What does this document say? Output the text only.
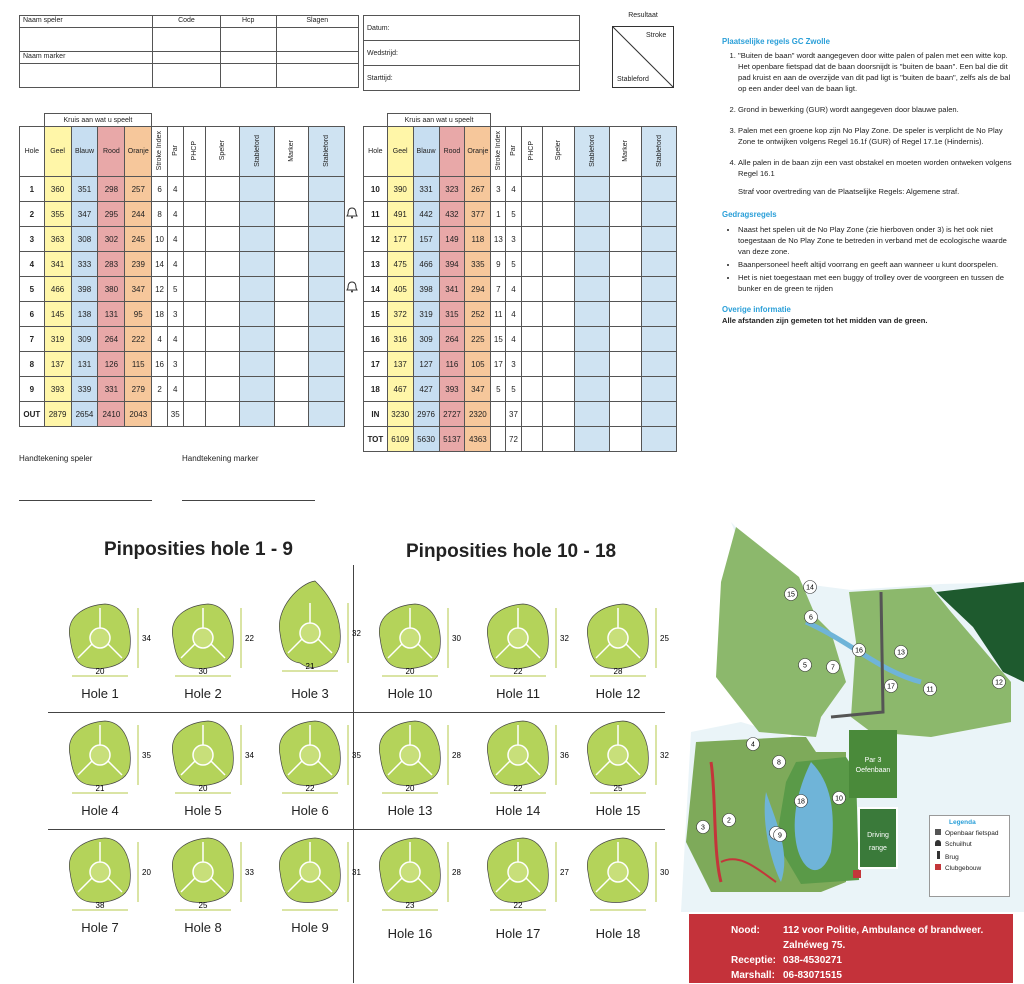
Naam speler	Code	Hcp	Slagen

Naam marker			

Datum:
Wedstrijd:
Starttijd:
Resultaat
Stroke
Stableford
	Kruis aan wat u speelt										
Hole	Geel	Blauw	Rood	Oranje	Stroke Index	Par	PHCP	Speler	Stableford	Marker	Stableford
1	360	351	298	257	6	4					
2	355	347	295	244	8	4					
3	363	308	302	245	10	4					
4	341	333	283	239	14	4					
5	466	398	380	347	12	5					
6	145	138	131	95	18	3					
7	319	309	264	222	4	4					
8	137	131	126	115	16	3					
9	393	339	331	279	2	4					
OUT	2879	2654	2410	2043		35					
	Kruis aan wat u speelt										
Hole	Geel	Blauw	Rood	Oranje	Stroke Index	Par	PHCP	Speler	Stableford	Marker	Stableford
10	390	331	323	267	3	4					
11	491	442	432	377	1	5					
12	177	157	149	118	13	3					
13	475	466	394	335	9	5					
14	405	398	341	294	7	4					
15	372	319	315	252	11	4					
16	316	309	264	225	15	4					
17	137	127	116	105	17	3					
18	467	427	393	347	5	5					
IN	3230	2976	2727	2320		37					
TOT	6109	5630	5137	4363		72					
Handtekening speler	Handtekening marker
Plaatselijke regels GC Zwolle
1. "Buiten de baan" wordt aangegeven door witte palen of palen met een witte kop. Het openbare fietspad dat de baan doorsnijdt is "buiten de baan". Een bal die dit pad kruist en aan de overzijde van dit pad ligt is "buiten de baan", zelfs als de bal op een ander deel van de baan ligt.
2. Grond in bewerking (GUR) wordt aangegeven door blauwe palen.
3. Palen met een groene kop zijn No Play Zone. De speler is verplicht de No Play Zone te ontwijken volgens Regel 16.1f (GUR) of Regel 17.1e (Hindernis).
4. Alle palen in de baan zijn een vast obstakel en moeten worden ontweken volgens Regel 16.1
Straf voor overtreding van de Plaatselijke Regels: Algemene straf.
Gedragsregels
• Naast het spelen uit de No Play Zone (zie hierboven onder 3) is het ook niet toegestaan de No Play Zone te betreden in verband met de ecologische waarde van deze zone.
• Baanpersoneel heeft altijd voorrang en geeft aan wanneer u kunt doorspelen.
• Het is niet toegestaan met een buggy of trolley over de voorgreen en tussen de bunker en de green te rijden
Overige informatie
Alle afstanden zijn gemeten tot het midden van de green.
Pinposities hole 1 - 9	Pinposities hole 10 - 18
34
20
Hole 1
22
30
Hole 2
32
21
Hole 3
30
20
Hole 10
32
22
Hole 11
25
28
Hole 12
35
21
Hole 4
34
20
Hole 5
35
22
Hole 6
28
20
Hole 13
36
22
Hole 14
32
25
Hole 15
20
38
Hole 7
33
25
Hole 8
31
Hole 9
28
23
Hole 16
27
22
Hole 17
30
Hole 18
Par 3
Oefenbaan
Driving
range
2
3
4
5
6
7
8
9
10
11
12
13
14
15
16
17
18
Legenda
Openbaar fietspad
Schuilhut
Brug
Clubgebouw
Nood:	112 voor Politie, Ambulance of brandweer.
Zalnéweg 75.
Receptie: 038-4530271
Marshall: 06-83071515
